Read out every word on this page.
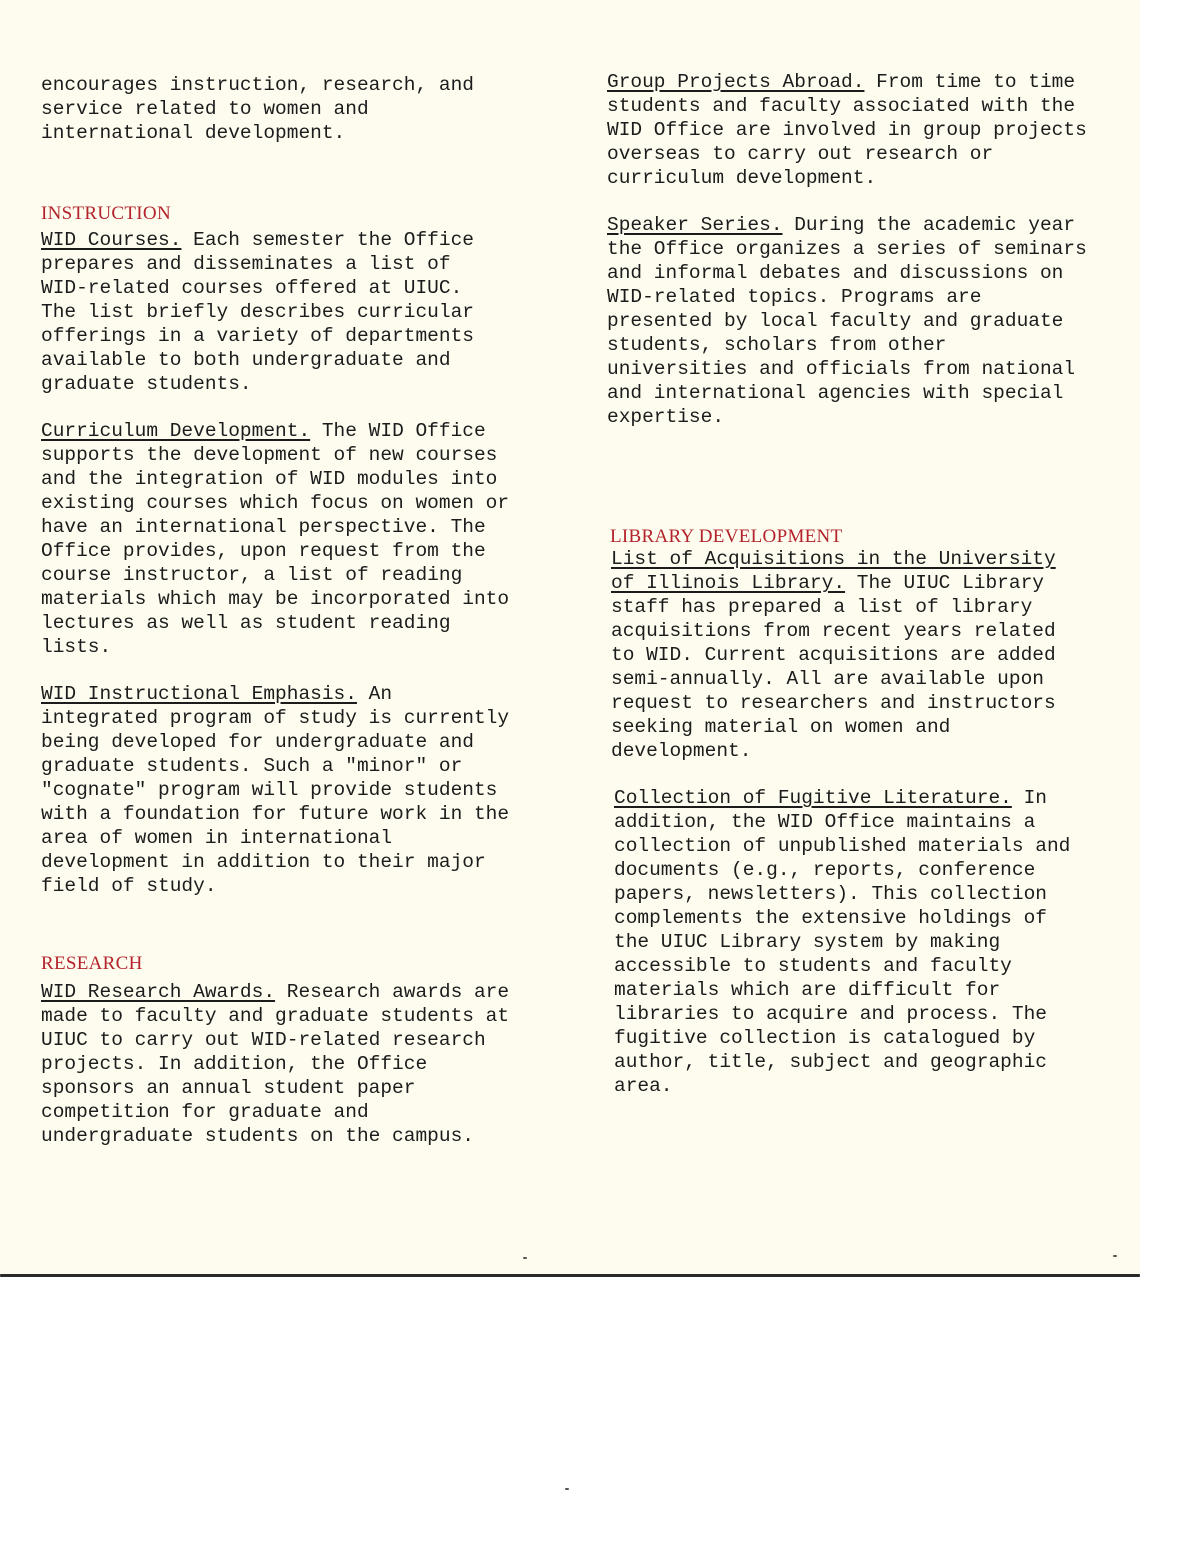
encourages instruction, research, and
service related to women and
international development.
INSTRUCTION
WID Courses. Each semester the Office
prepares and disseminates a list of
WID-related courses offered at UIUC.
The list briefly describes curricular
offerings in a variety of departments
available to both undergraduate and
graduate students.
Curriculum Development. The WID Office
supports the development of new courses
and the integration of WID modules into
existing courses which focus on women or
have an international perspective. The
Office provides, upon request from the
course instructor, a list of reading
materials which may be incorporated into
lectures as well as student reading
lists.
WID Instructional Emphasis. An
integrated program of study is currently
being developed for undergraduate and
graduate students. Such a "minor" or
"cognate" program will provide students
with a foundation for future work in the
area of women in international
development in addition to their major
field of study.
RESEARCH
WID Research Awards. Research awards are
made to faculty and graduate students at
UIUC to carry out WID-related research
projects. In addition, the Office
sponsors an annual student paper
competition for graduate and
undergraduate students on the campus.
Group Projects Abroad. From time to time
students and faculty associated with the
WID Office are involved in group projects
overseas to carry out research or
curriculum development.
Speaker Series. During the academic year
the Office organizes a series of seminars
and informal debates and discussions on
WID-related topics. Programs are
presented by local faculty and graduate
students, scholars from other
universities and officials from national
and international agencies with special
expertise.
LIBRARY DEVELOPMENT
List of Acquisitions in the University
of Illinois Library. The UIUC Library
staff has prepared a list of library
acquisitions from recent years related
to WID. Current acquisitions are added
semi-annually. All are available upon
request to researchers and instructors
seeking material on women and
development.
Collection of Fugitive Literature. In
addition, the WID Office maintains a
collection of unpublished materials and
documents (e.g., reports, conference
papers, newsletters). This collection
complements the extensive holdings of
the UIUC Library system by making
accessible to students and faculty
materials which are difficult for
libraries to acquire and process. The
fugitive collection is catalogued by
author, title, subject and geographic
area.
